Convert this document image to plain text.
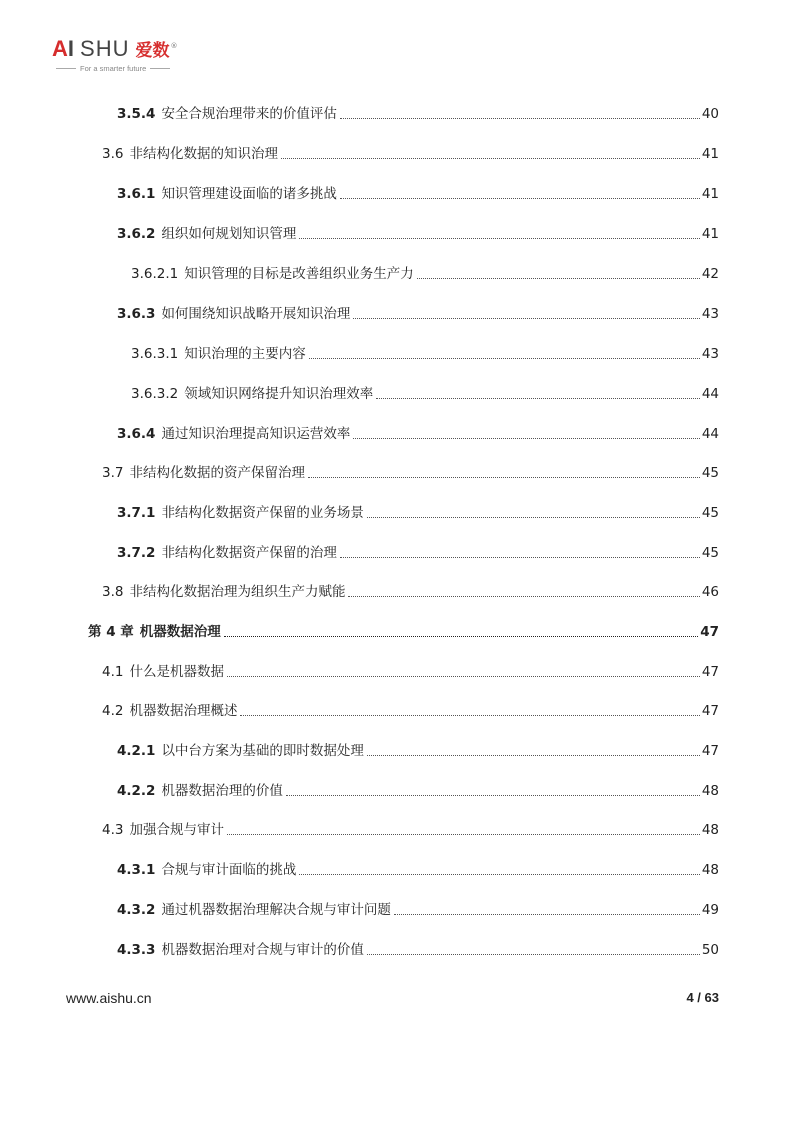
AI SHU 爱数 ®
For a smarter future
3.5.4 安全合规治理带来的价值评估	40
3.6 非结构化数据的知识治理	41
3.6.1 知识管理建设面临的诸多挑战	41
3.6.2 组织如何规划知识管理	41
3.6.2.1 知识管理的目标是改善组织业务生产力	42
3.6.3 如何围绕知识战略开展知识治理	43
3.6.3.1 知识治理的主要内容	43
3.6.3.2 领域知识网络提升知识治理效率	44
3.6.4 通过知识治理提高知识运营效率	44
3.7 非结构化数据的资产保留治理	45
3.7.1 非结构化数据资产保留的业务场景	45
3.7.2 非结构化数据资产保留的治理	45
3.8 非结构化数据治理为组织生产力赋能	46
第 4 章 机器数据治理	47
4.1 什么是机器数据	47
4.2 机器数据治理概述	47
4.2.1 以中台方案为基础的即时数据处理	47
4.2.2 机器数据治理的价值	48
4.3 加强合规与审计	48
4.3.1 合规与审计面临的挑战	48
4.3.2 通过机器数据治理解决合规与审计问题	49
4.3.3 机器数据治理对合规与审计的价值	50
www.aishu.cn	4 / 63
